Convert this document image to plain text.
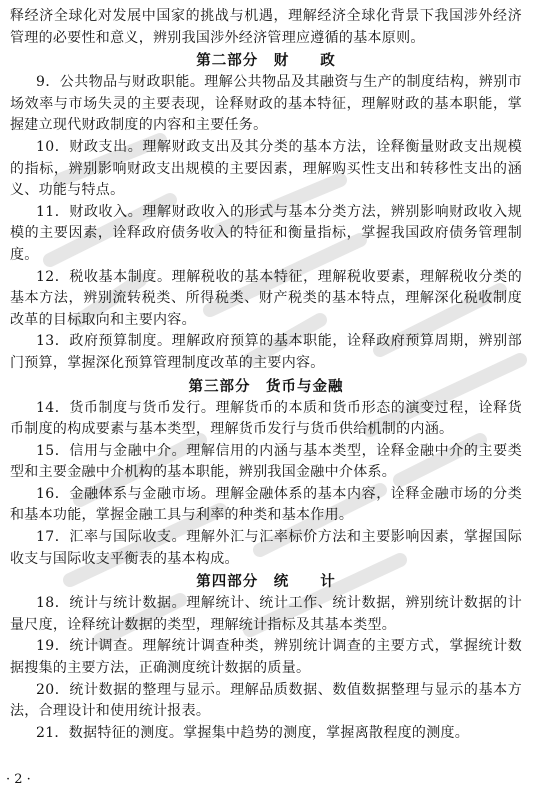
释经济全球化对发展中国家的挑战与机遇，理解经济全球化背景下我国涉外经济管理的必要性和意义，辨别我国涉外经济管理应遵循的基本原则。

第二部分　财　　政

9．公共物品与财政职能。理解公共物品及其融资与生产的制度结构，辨别市场效率与市场失灵的主要表现，诠释财政的基本特征，理解财政的基本职能，掌握建立现代财政制度的内容和主要任务。

10．财政支出。理解财政支出及其分类的基本方法，诠释衡量财政支出规模的指标，辨别影响财政支出规模的主要因素，理解购买性支出和转移性支出的涵义、功能与特点。

11．财政收入。理解财政收入的形式与基本分类方法，辨别影响财政收入规模的主要因素，诠释政府债务收入的特征和衡量指标，掌握我国政府债务管理制度。

12．税收基本制度。理解税收的基本特征，理解税收要素，理解税收分类的基本方法，辨别流转税类、所得税类、财产税类的基本特点，理解深化税收制度改革的目标取向和主要内容。

13．政府预算制度。理解政府预算的基本职能，诠释政府预算周期，辨别部门预算，掌握深化预算管理制度改革的主要内容。

第三部分　货币与金融

14．货币制度与货币发行。理解货币的本质和货币形态的演变过程，诠释货币制度的构成要素与基本类型，理解货币发行与货币供给机制的内涵。

15．信用与金融中介。理解信用的内涵与基本类型，诠释金融中介的主要类型和主要金融中介机构的基本职能，辨别我国金融中介体系。

16．金融体系与金融市场。理解金融体系的基本内容，诠释金融市场的分类和基本功能，掌握金融工具与利率的种类和基本作用。

17．汇率与国际收支。理解外汇与汇率标价方法和主要影响因素，掌握国际收支与国际收支平衡表的基本构成。

第四部分　统　　计

18．统计与统计数据。理解统计、统计工作、统计数据，辨别统计数据的计量尺度，诠释统计数据的类型，理解统计指标及其基本类型。

19．统计调查。理解统计调查种类，辨别统计调查的主要方式，掌握统计数据搜集的主要方法，正确测度统计数据的质量。

20．统计数据的整理与显示。理解品质数据、数值数据整理与显示的基本方法，合理设计和使用统计报表。

21．数据特征的测度。掌握集中趋势的测度，掌握离散程度的测度。

· 2 ·
